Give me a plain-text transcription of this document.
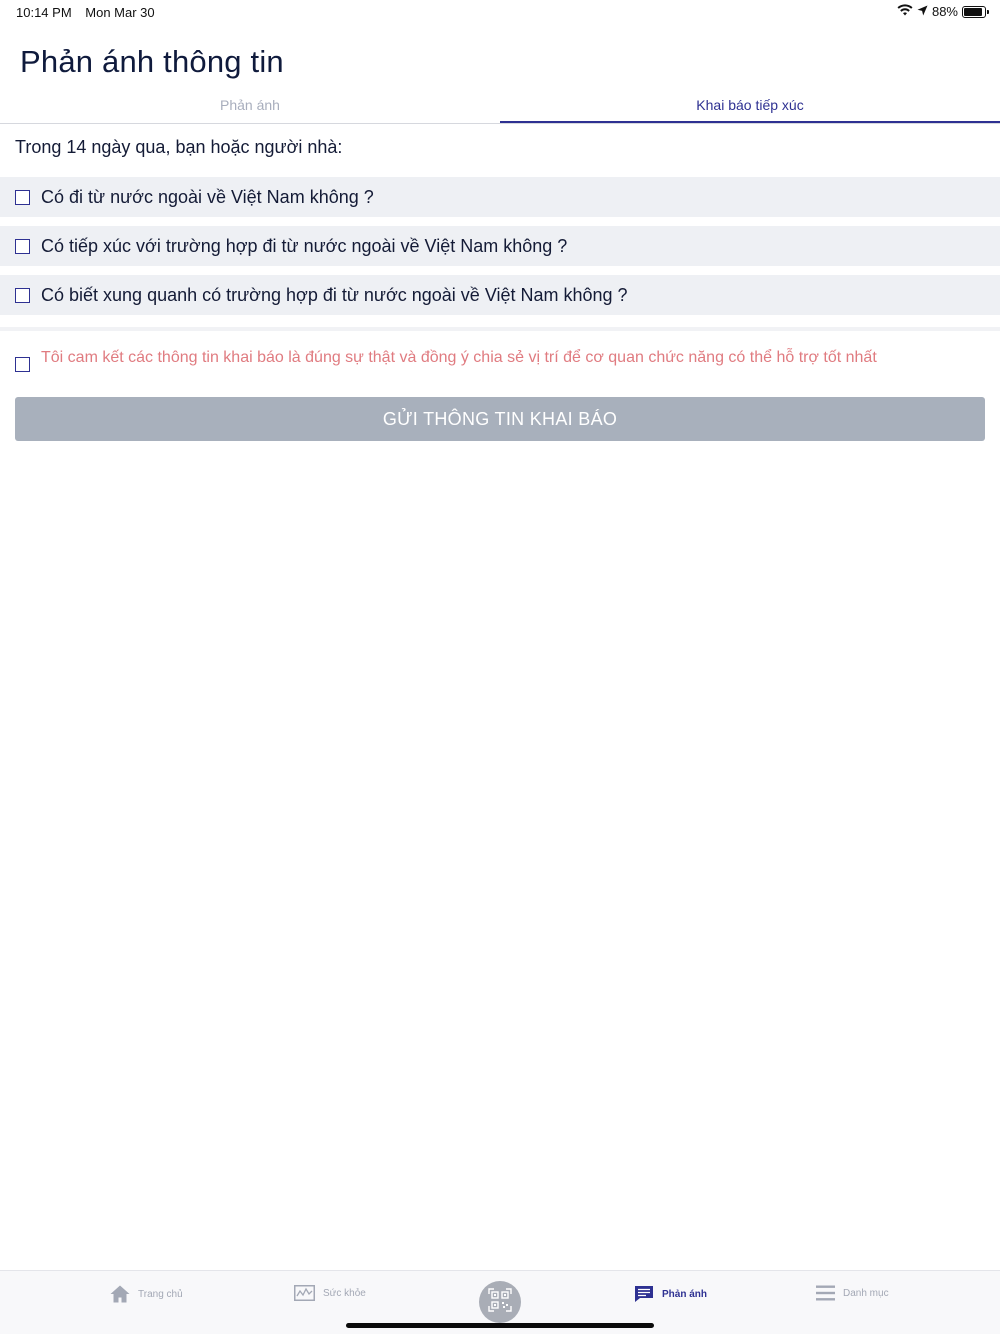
10:14 PM Mon Mar 30	88%
Phản ánh thông tin
Phản ánh	Khai báo tiếp xúc
Trong 14 ngày qua, bạn hoặc người nhà:
Có đi từ nước ngoài về Việt Nam không ?
Có tiếp xúc với trường hợp đi từ nước ngoài về Việt Nam không ?
Có biết xung quanh có trường hợp đi từ nước ngoài về Việt Nam không ?
Tôi cam kết các thông tin khai báo là đúng sự thật và đồng ý chia sẻ vị trí để cơ quan chức năng có thể hỗ trợ tốt nhất
GỬI THÔNG TIN KHAI BÁO
Trang chủ	Sức khỏe	Phản ánh	Danh mục
